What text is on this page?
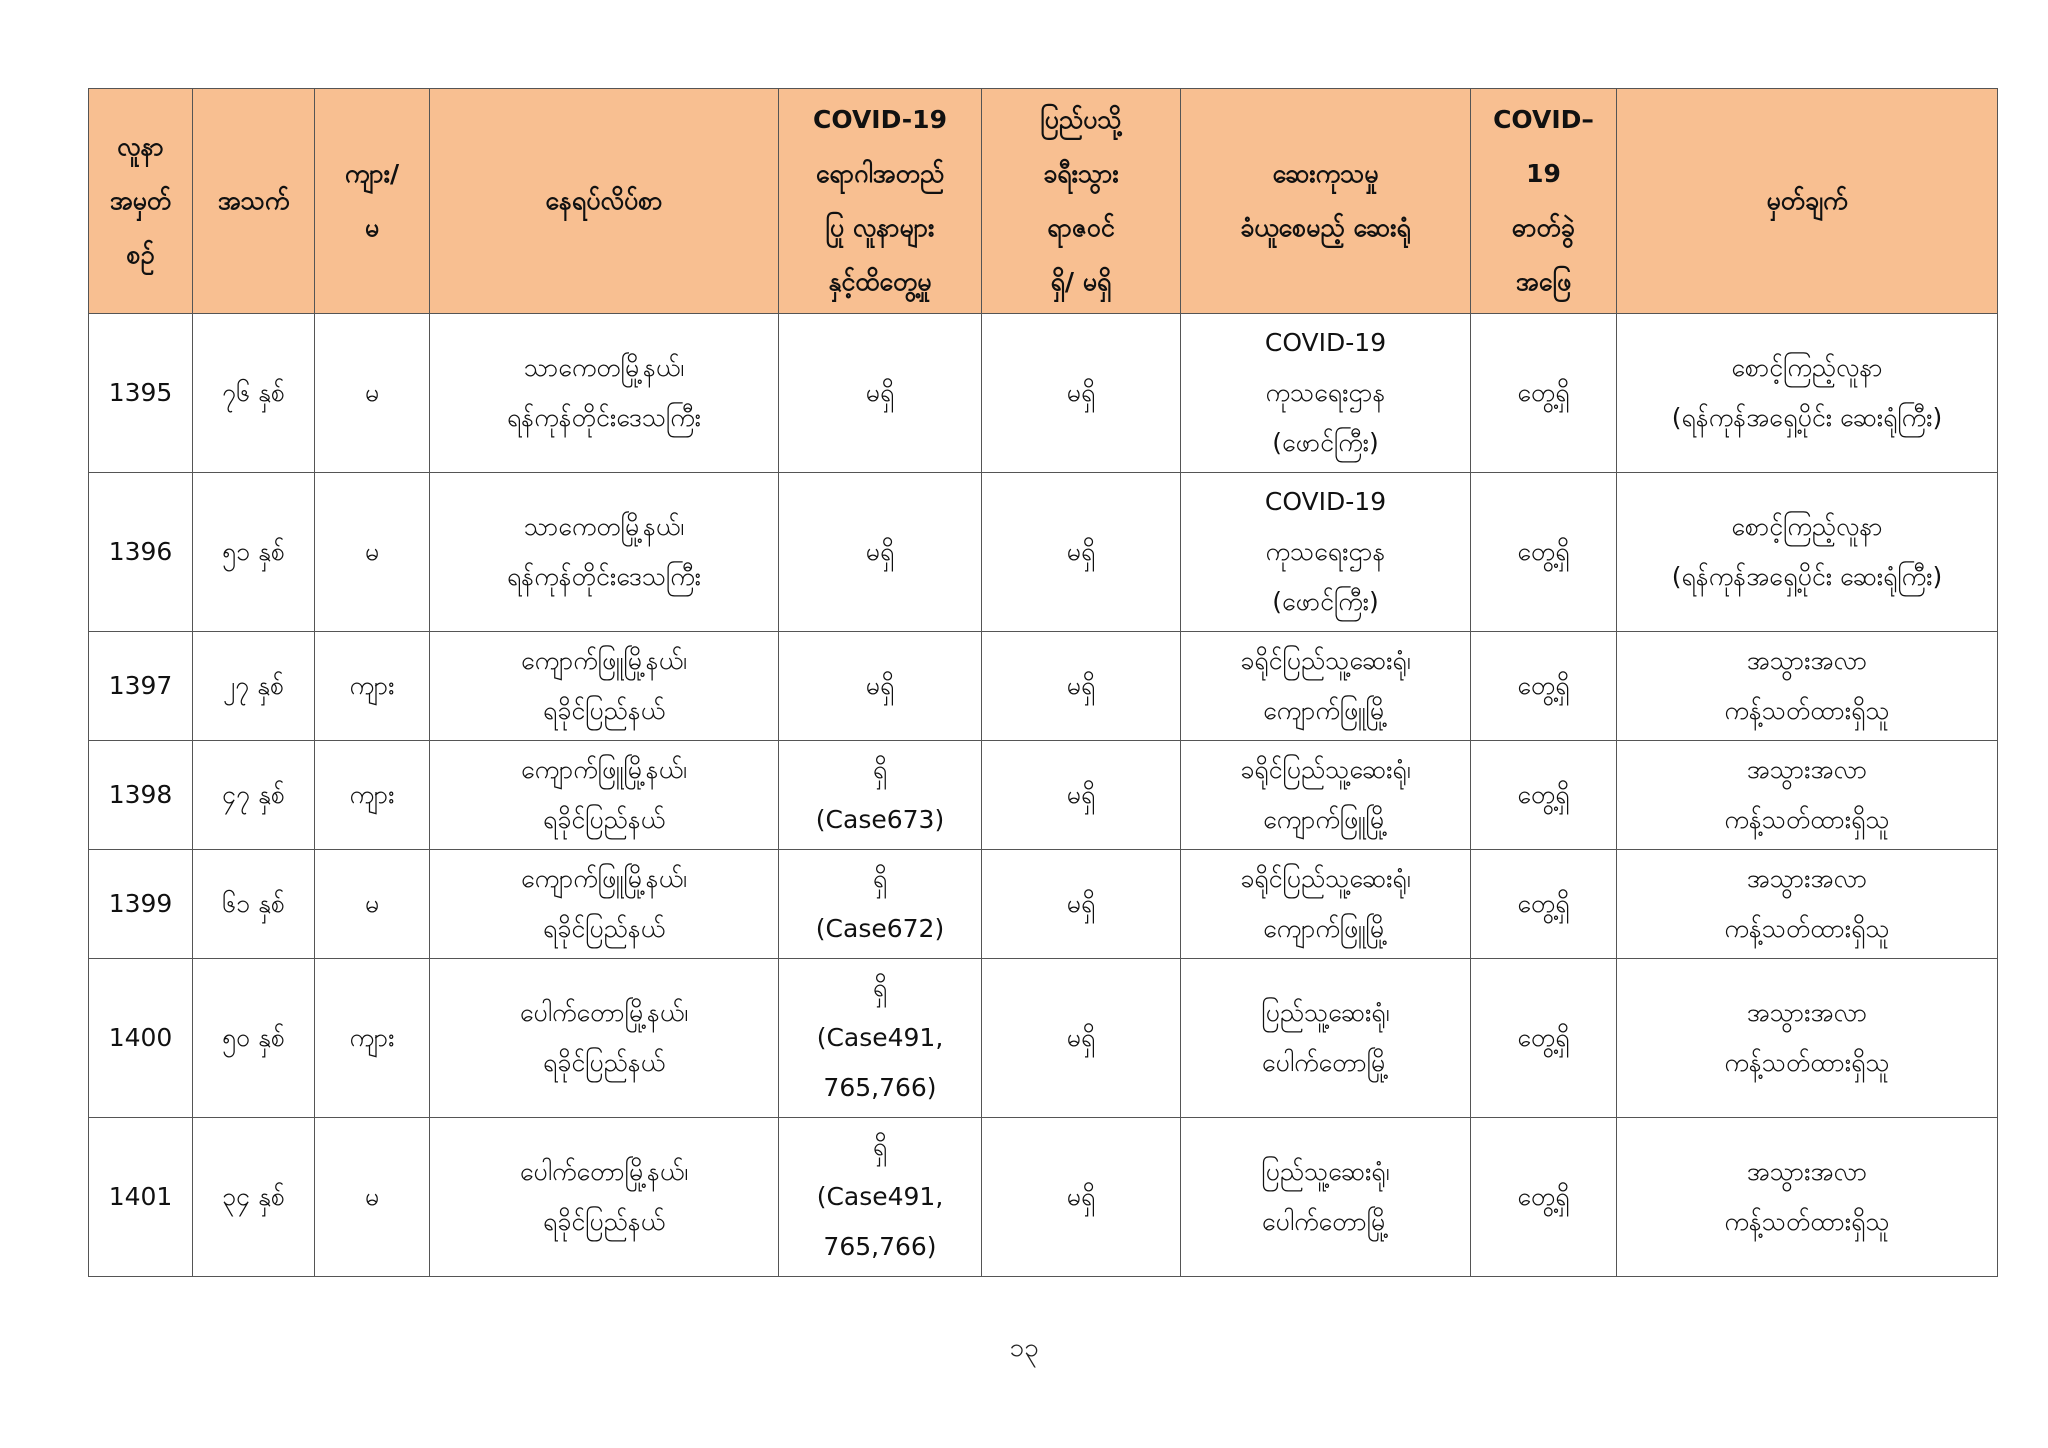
လူနာ
အမှတ်
စဉ်	အသက်	ကျား/
မ	နေရပ်လိပ်စာ	COVID-19
ရောဂါအတည်
ပြု လူနာများ
နှင့်ထိတွေ့မှု	ပြည်ပသို့
ခရီးသွား
ရာဇဝင်
ရှိ/ မရှိ	ဆေးကုသမှု
ခံယူစေမည့် ဆေးရုံ	COVID–
19
ဓာတ်ခွဲ
အဖြေ	မှတ်ချက်

1395	၇၆ နှစ်	မ	သာကေတမြို့နယ်၊
ရန်ကုန်တိုင်းဒေသကြီး	မရှိ	မရှိ	COVID-19
ကုသရေးဌာန
(ဖောင်ကြီး)	တွေ့ရှိ	စောင့်ကြည့်လူနာ
(ရန်ကုန်အရှေ့ပိုင်း ဆေးရုံကြီး)

1396	၅၁ နှစ်	မ	သာကေတမြို့နယ်၊
ရန်ကုန်တိုင်းဒေသကြီး	မရှိ	မရှိ	COVID-19
ကုသရေးဌာန
(ဖောင်ကြီး)	တွေ့ရှိ	စောင့်ကြည့်လူနာ
(ရန်ကုန်အရှေ့ပိုင်း ဆေးရုံကြီး)

1397	၂၇ နှစ်	ကျား	ကျောက်ဖြူမြို့နယ်၊
ရခိုင်ပြည်နယ်	မရှိ	မရှိ	ခရိုင်ပြည်သူ့ဆေးရုံ၊
ကျောက်ဖြူမြို့	တွေ့ရှိ	အသွားအလာ
ကန့်သတ်ထားရှိသူ

1398	၄၇ နှစ်	ကျား	ကျောက်ဖြူမြို့နယ်၊
ရခိုင်ပြည်နယ်	ရှိ
(Case673)	မရှိ	ခရိုင်ပြည်သူ့ဆေးရုံ၊
ကျောက်ဖြူမြို့	တွေ့ရှိ	အသွားအလာ
ကန့်သတ်ထားရှိသူ

1399	၆၁ နှစ်	မ	ကျောက်ဖြူမြို့နယ်၊
ရခိုင်ပြည်နယ်	ရှိ
(Case672)	မရှိ	ခရိုင်ပြည်သူ့ဆေးရုံ၊
ကျောက်ဖြူမြို့	တွေ့ရှိ	အသွားအလာ
ကန့်သတ်ထားရှိသူ

1400	၅၀ နှစ်	ကျား	ပေါက်တောမြို့နယ်၊
ရခိုင်ပြည်နယ်	ရှိ
(Case491,
765,766)	မရှိ	ပြည်သူ့ဆေးရုံ၊
ပေါက်တောမြို့	တွေ့ရှိ	အသွားအလာ
ကန့်သတ်ထားရှိသူ

1401	၃၄ နှစ်	မ	ပေါက်တောမြို့နယ်၊
ရခိုင်ပြည်နယ်	ရှိ
(Case491,
765,766)	မရှိ	ပြည်သူ့ဆေးရုံ၊
ပေါက်တောမြို့	တွေ့ရှိ	အသွားအလာ
ကန့်သတ်ထားရှိသူ
၁၃
